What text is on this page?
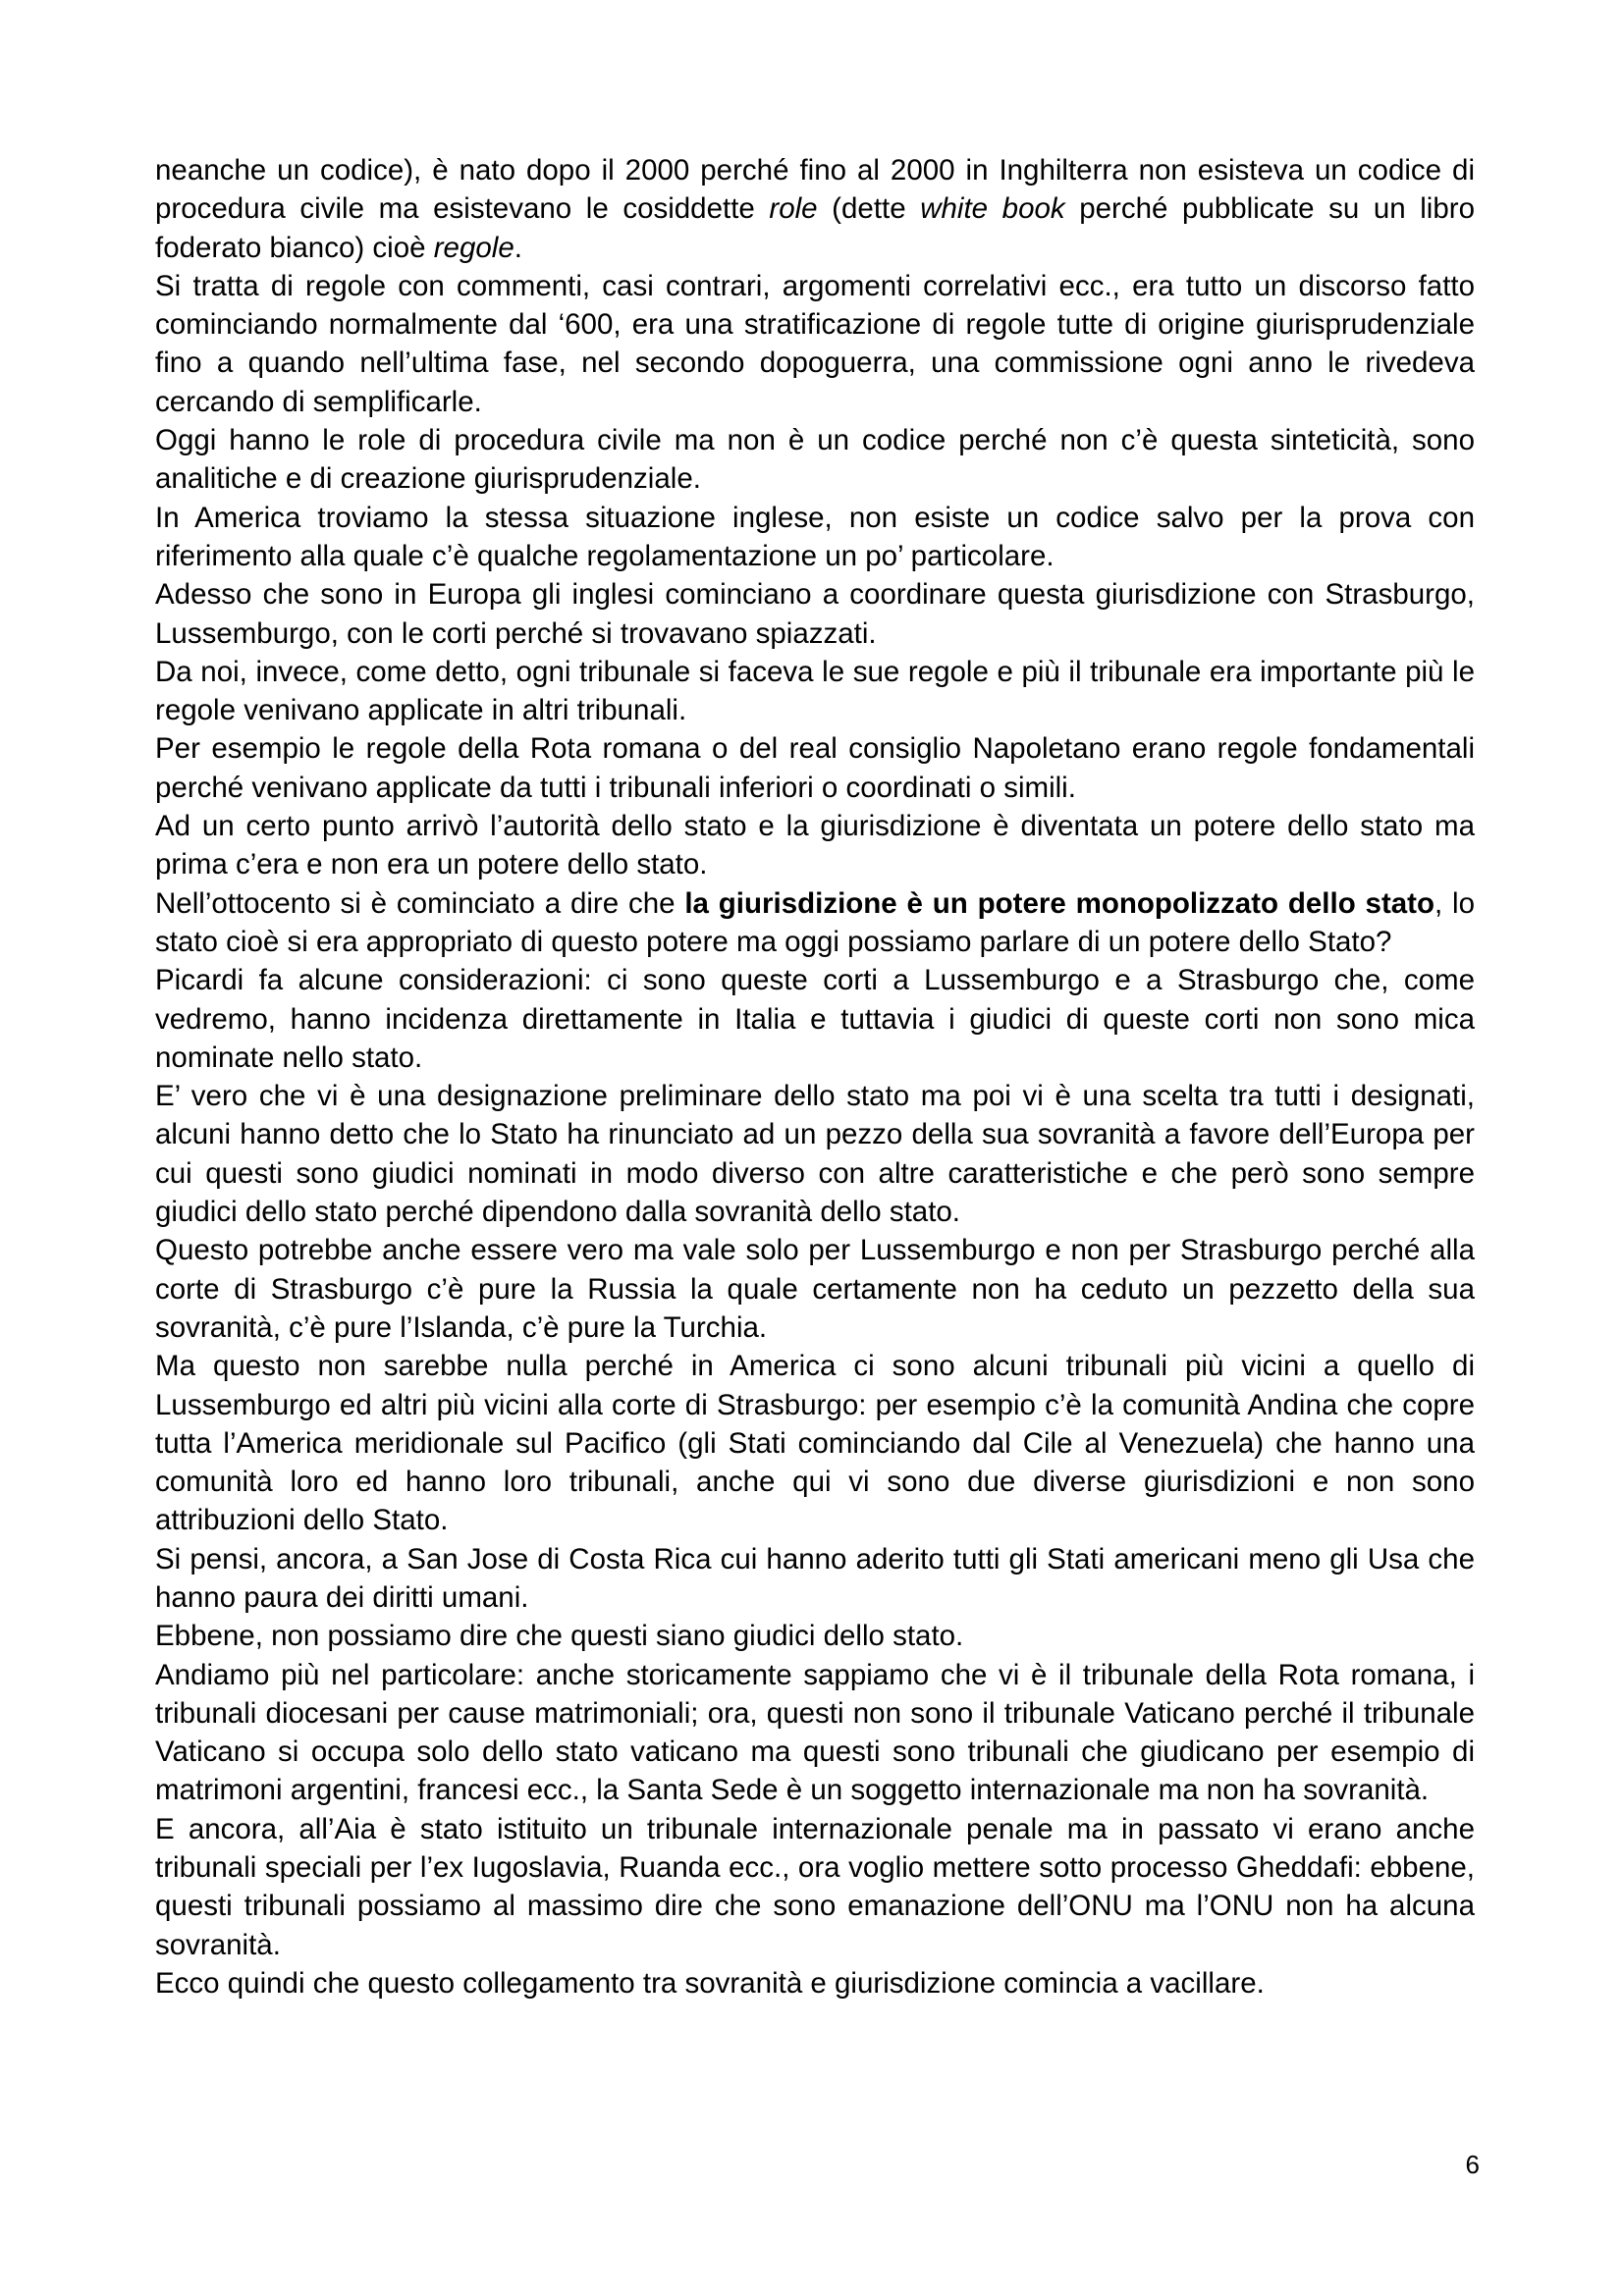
neanche un codice), è nato dopo il 2000 perché fino al 2000 in Inghilterra non esisteva un codice di procedura civile ma esistevano le cosiddette role (dette white book perché pubblicate su un libro foderato bianco) cioè regole.

Si tratta di regole con commenti, casi contrari, argomenti correlativi ecc., era tutto un discorso fatto cominciando normalmente dal ‘600, era una stratificazione di regole tutte di origine giurisprudenziale fino a quando nell’ultima fase, nel secondo dopoguerra, una commissione ogni anno le rivedeva cercando di semplificarle.

Oggi hanno le role di procedura civile ma non è un codice perché non c’è questa sinteticità, sono analitiche e di creazione giurisprudenziale.

In America troviamo la stessa situazione inglese, non esiste un codice salvo per la prova con riferimento alla quale c’è qualche regolamentazione un po’ particolare.

Adesso che sono in Europa gli inglesi cominciano a coordinare questa giurisdizione con Strasburgo, Lussemburgo, con le corti perché si trovavano spiazzati.

Da noi, invece, come detto, ogni tribunale si faceva le sue regole e più il tribunale era importante più le regole venivano applicate in altri tribunali.

Per esempio le regole della Rota romana o del real consiglio Napoletano erano regole fondamentali perché venivano applicate da tutti i tribunali inferiori o coordinati o simili.

Ad un certo punto arrivò l’autorità dello stato e la giurisdizione è diventata un potere dello stato ma prima c’era e non era un potere dello stato.

Nell’ottocento si è cominciato a dire che la giurisdizione è un potere monopolizzato dello stato, lo stato cioè si era appropriato di questo potere ma oggi possiamo parlare di un potere dello Stato?

Picardi fa alcune considerazioni: ci sono queste corti a Lussemburgo e a Strasburgo che, come vedremo, hanno incidenza direttamente in Italia e tuttavia i giudici di queste corti non sono mica nominate nello stato.

E’ vero che vi è una designazione preliminare dello stato ma poi vi è una scelta tra tutti i designati, alcuni hanno detto che lo Stato ha rinunciato ad un pezzo della sua sovranità a favore dell’Europa per cui questi sono giudici nominati in modo diverso con altre caratteristiche e che però sono sempre giudici dello stato perché dipendono dalla sovranità dello stato.

Questo potrebbe anche essere vero ma vale solo per Lussemburgo e non per Strasburgo perché alla corte di Strasburgo c’è pure la Russia la quale certamente non ha ceduto un pezzetto della sua sovranità, c’è pure l’Islanda, c’è pure la Turchia.

Ma questo non sarebbe nulla perché in America ci sono alcuni tribunali più vicini a quello di Lussemburgo ed altri più vicini alla corte di Strasburgo: per esempio c’è la comunità Andina che copre tutta l’America meridionale sul Pacifico (gli Stati cominciando dal Cile al Venezuela) che hanno una comunità loro ed hanno loro tribunali, anche qui vi sono due diverse giurisdizioni e non sono attribuzioni dello Stato.

Si pensi, ancora, a San Jose di Costa Rica cui hanno aderito tutti gli Stati americani meno gli Usa che hanno paura dei diritti umani.

Ebbene, non possiamo dire che questi siano giudici dello stato.

Andiamo più nel particolare: anche storicamente sappiamo che vi è il tribunale della Rota romana, i tribunali diocesani per cause matrimoniali; ora, questi non sono il tribunale Vaticano perché il tribunale Vaticano si occupa solo dello stato vaticano ma questi sono tribunali che giudicano per esempio di matrimoni argentini, francesi ecc., la Santa Sede è un soggetto internazionale ma non ha sovranità.

E ancora, all’Aia è stato istituito un tribunale internazionale penale ma in passato vi erano anche tribunali speciali per l’ex Iugoslavia, Ruanda ecc., ora voglio mettere sotto processo Gheddafi: ebbene, questi tribunali possiamo al massimo dire che sono emanazione dell’ONU ma l’ONU non ha alcuna sovranità.

Ecco quindi che questo collegamento tra sovranità e giurisdizione comincia a vacillare.

6
